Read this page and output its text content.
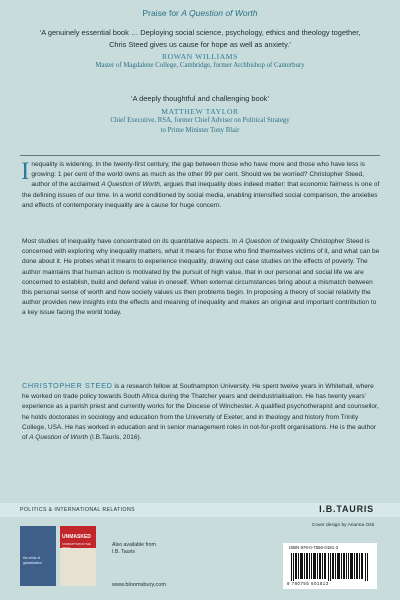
Praise for A Question of Worth
‘A genuinely essential book … Deploying social science, psychology, ethics and theology together, Chris Steed gives us cause for hope as well as anxiety.’
ROWAN WILLIAMS
Master of Magdalene College, Cambridge, former Archbishop of Canterbury
‘A deeply thoughtful and challenging book’
MATTHEW TAYLOR
Chief Executive, RSA, former Chief Adviser on Political Strategy
to Prime Minister Tony Blair
Inequality is widening. In the twenty-first century, the gap between those who have more and those who have less is growing: 1 per cent of the world owns as much as the other 99 per cent. Should we be worried? Christopher Steed, author of the acclaimed A Question of Worth, argues that inequality does indeed matter: that economic fairness is one of the defining issues of our time. In a world conditioned by social media, enabling intensified social comparison, the anxieties and effects of contemporary inequality are a cause for huge concern.
Most studies of inequality have concentrated on its quantitative aspects. In A Question of Inequality Christopher Steed is concerned with exploring why inequality matters, what it means for those who find themselves victims of it, and what can be done about it. He probes what it means to experience inequality, drawing out case studies on the effects of poverty. The author maintains that human action is motivated by the pursuit of high value, that in our personal and social life we are concerned to establish, build and defend value in oneself. When external circumstances bring about a mismatch between this personal sense of worth and how society values us then problems begin. In proposing a theory of social relativity the author provides new insights into the effects and meaning of inequality and makes an original and important contribution to a key issue facing the world today.
CHRISTOPHER STEED is a research fellow at Southampton University. He spent twelve years in Whitehall, where he worked on trade policy towards South Africa during the Thatcher years and deindustrialisation. He has twenty years’ experience as a parish priest and currently works for the Diocese of Winchester. A qualified psychotherapist and counsellor, he holds doctorates in sociology and education from the University of Exeter, and in theology and history from Trinity College, USA. He has worked in education and in senior management roles in not-for-profit organisations. He is the author of A Question of Worth (I.B.Tauris, 2016).
POLITICS & INTERNATIONAL RELATIONS	I.B.TAURIS
Cover design by Arianna Osti
the crisis of
globalization
UNMASKED
CORRUPTION IN THE WEST	Also available from
I.B. Tauris
www.bloomsbury.com
ISBN 978-0-7556-0181-3
9 780755 601813
